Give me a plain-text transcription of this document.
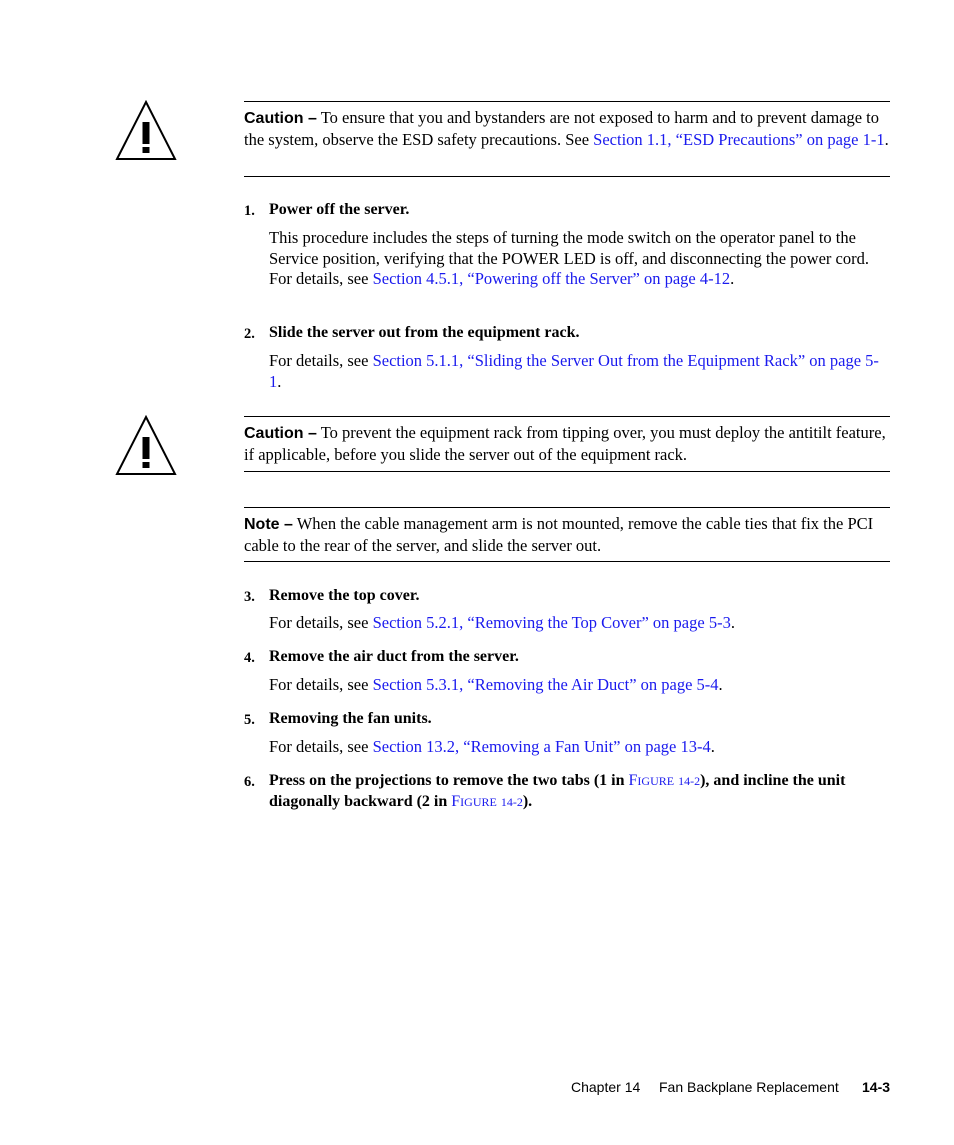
Caution – To ensure that you and bystanders are not exposed to harm and to prevent damage to the system, observe the ESD safety precautions. See Section 1.1, “ESD Precautions” on page 1-1.
1. Power off the server.
This procedure includes the steps of turning the mode switch on the operator panel to the Service position, verifying that the POWER LED is off, and disconnecting the power cord. For details, see Section 4.5.1, “Powering off the Server” on page 4-12.
2. Slide the server out from the equipment rack.
For details, see Section 5.1.1, “Sliding the Server Out from the Equipment Rack” on page 5-1.
Caution – To prevent the equipment rack from tipping over, you must deploy the antitilt feature, if applicable, before you slide the server out of the equipment rack.
Note – When the cable management arm is not mounted, remove the cable ties that fix the PCI cable to the rear of the server, and slide the server out.
3. Remove the top cover.
For details, see Section 5.2.1, “Removing the Top Cover” on page 5-3.
4. Remove the air duct from the server.
For details, see Section 5.3.1, “Removing the Air Duct” on page 5-4.
5. Removing the fan units.
For details, see Section 13.2, “Removing a Fan Unit” on page 13-4.
6. Press on the projections to remove the two tabs (1 in FIGURE 14-2), and incline the unit diagonally backward (2 in FIGURE 14-2).
Chapter 14 Fan Backplane Replacement 14-3
